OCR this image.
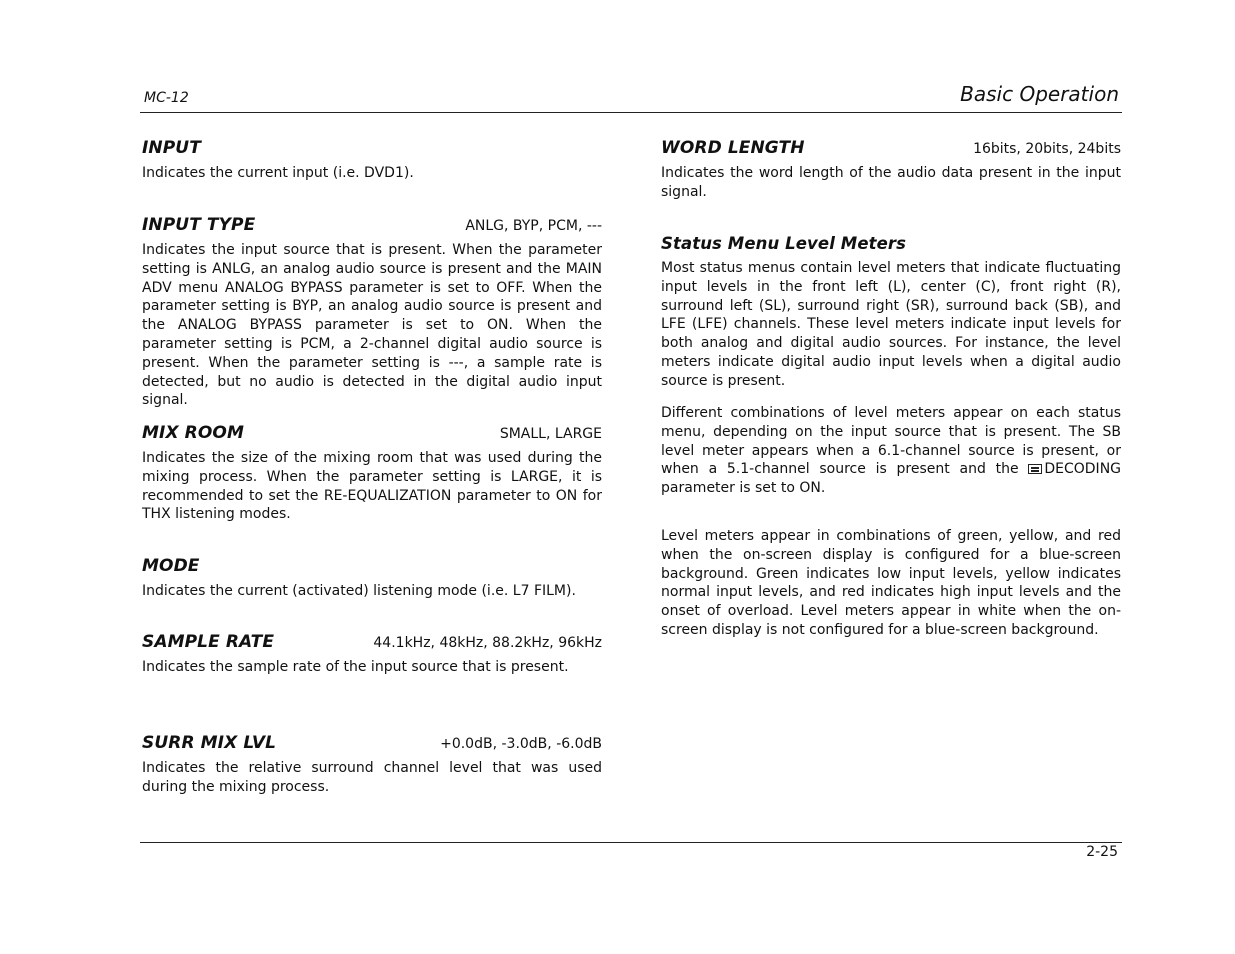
MC-12	Basic Operation
INPUT

Indicates the current input (i.e. DVD1).

INPUT TYPE	ANLG, BYP, PCM, ---

Indicates the input source that is present. When the parameter setting is ANLG, an analog audio source is present and the MAIN ADV menu ANALOG BYPASS parameter is set to OFF. When the parameter setting is BYP, an analog audio source is present and the ANALOG BYPASS parameter is set to ON. When the parameter setting is PCM, a 2-channel digital audio source is present. When the parameter setting is ---, a sample rate is detected, but no audio is detected in the digital audio input signal.

MIX ROOM	SMALL, LARGE

Indicates the size of the mixing room that was used during the mixing process. When the parameter setting is LARGE, it is recommended to set the RE-EQUALIZATION parameter to ON for THX listening modes.

MODE

Indicates the current (activated) listening mode (i.e. L7 FILM).

SAMPLE RATE	44.1kHz, 48kHz, 88.2kHz, 96kHz

Indicates the sample rate of the input source that is present.

SURR MIX LVL	+0.0dB, -3.0dB, -6.0dB

Indicates the relative surround channel level that was used during the mixing process.

WORD LENGTH	16bits, 20bits, 24bits

Indicates the word length of the audio data present in the input signal.

Status Menu Level Meters

Most status menus contain level meters that indicate fluctuating input levels in the front left (L), center (C), front right (R), surround left (SL), surround right (SR), surround back (SB), and LFE (LFE) channels. These level meters indicate input levels for both analog and digital audio sources. For instance, the level meters indicate digital audio input levels when a digital audio source is present.

Different combinations of level meters appear on each status menu, depending on the input source that is present. The SB level meter appears when a 6.1-channel source is present, or when a 5.1-channel source is present and the DECODING parameter is set to ON.

Level meters appear in combinations of green, yellow, and red when the on-screen display is configured for a blue-screen background. Green indicates low input levels, yellow indicates normal input levels, and red indicates high input levels and the onset of overload. Level meters appear in white when the on-screen display is not configured for a blue-screen background.

2-25
